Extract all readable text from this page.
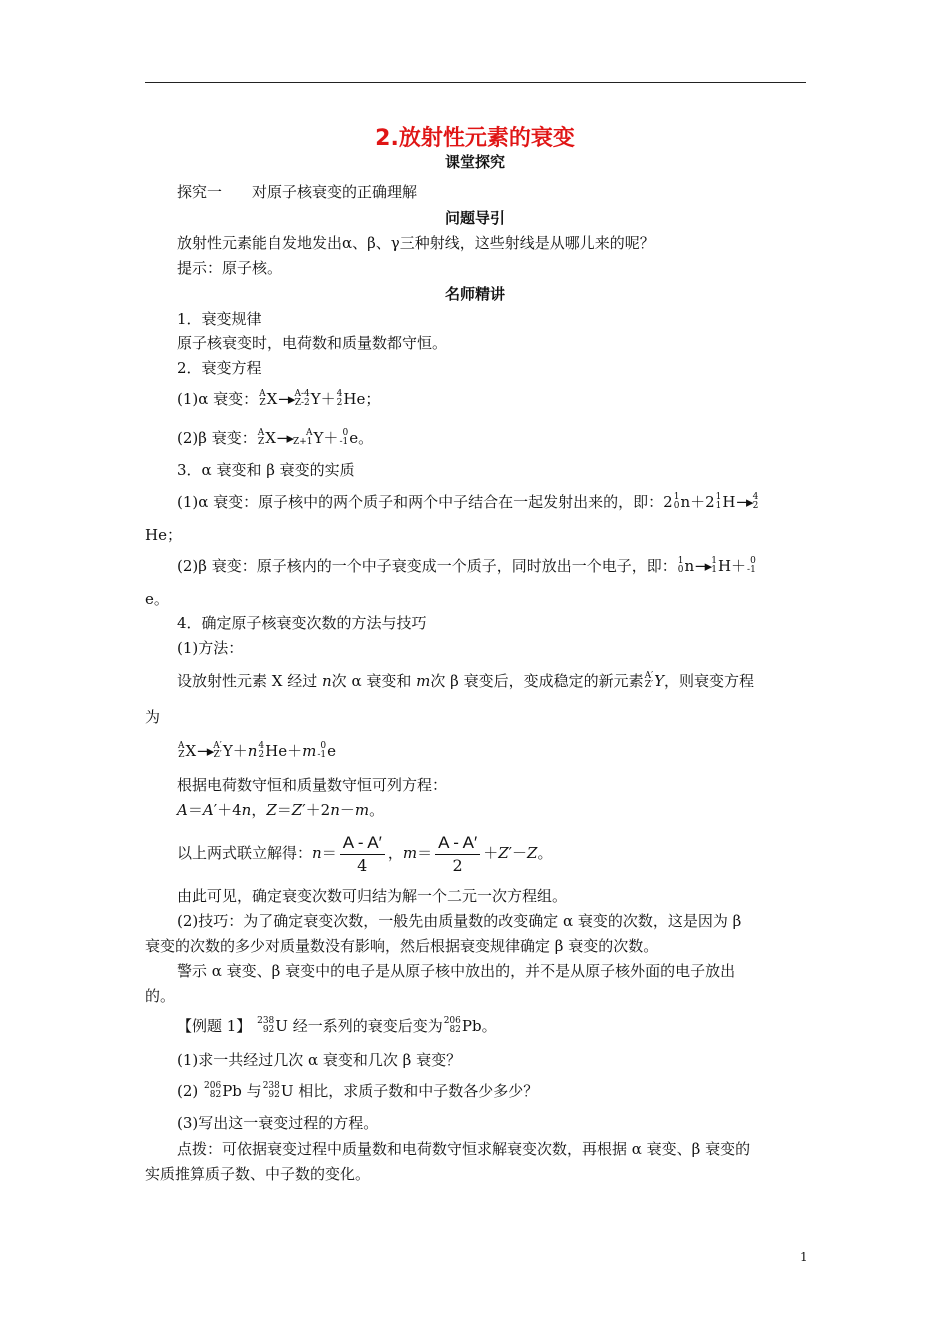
2.放射性元素的衰变
课堂探究
探究一　　对原子核衰变的正确理解
问题导引
放射性元素能自发地发出α、β、γ三种射线，这些射线是从哪儿来的呢？
提示：原子核。
名师精讲
1．衰变规律
原子核衰变时，电荷数和质量数都守恒。
2．衰变方程
(1)α 衰变： A
Z X−▸ A-4
Z-2 Y＋ 4
2 He；
(2)β 衰变： A
Z X−▸	A
Z+1 Y＋ 0
-1 e。
3．α 衰变和 β 衰变的实质
(1)α 衰变：原子核中的两个质子和两个中子结合在一起发射出来的，即：2 1
0 n＋2 1
1 H−▸ 4
2
He；
(2)β 衰变：原子核内的一个中子衰变成一个质子，同时放出一个电子，即： 1
0 n−▸ 1
1 H＋ 0
-1
e。
4．确定原子核衰变次数的方法与技巧
(1)方法：
设放射性元素 X 经过 n次 α 衰变和 m次 β 衰变后，变成稳定的新元素 A′
Z′ Y，则衰变方程
为
A
Z X−▸ A′
Z′ Y＋n 4
2 He＋m 0
-1 e
根据电荷数守恒和质量数守恒可列方程：
A＝A′＋4n，Z＝Z′＋2n－m。
以上两式联立解得：$n= \frac{A - A'}{4}$ ，$m= \frac{A - A'}{2} +Z'-Z$。
由此可见，确定衰变次数可归结为解一个二元一次方程组。
(2)技巧：为了确定衰变次数，一般先由质量数的改变确定 α 衰变的次数，这是因为 β
衰变的次数的多少对质量数没有影响，然后根据衰变规律确定 β 衰变的次数。
警示 α 衰变、β 衰变中的电子是从原子核中放出的，并不是从原子核外面的电子放出
的。
【例题 1】 238
92 U 经一系列的衰变后变为 206
82 Pb。
(1)求一共经过几次 α 衰变和几次 β 衰变？
(2) 206
82 Pb 与 238
92 U 相比，求质子数和中子数各少多少？
(3)写出这一衰变过程的方程。
点拨：可依据衰变过程中质量数和电荷数守恒求解衰变次数，再根据 α 衰变、β 衰变的
实质推算质子数、中子数的变化。
1
